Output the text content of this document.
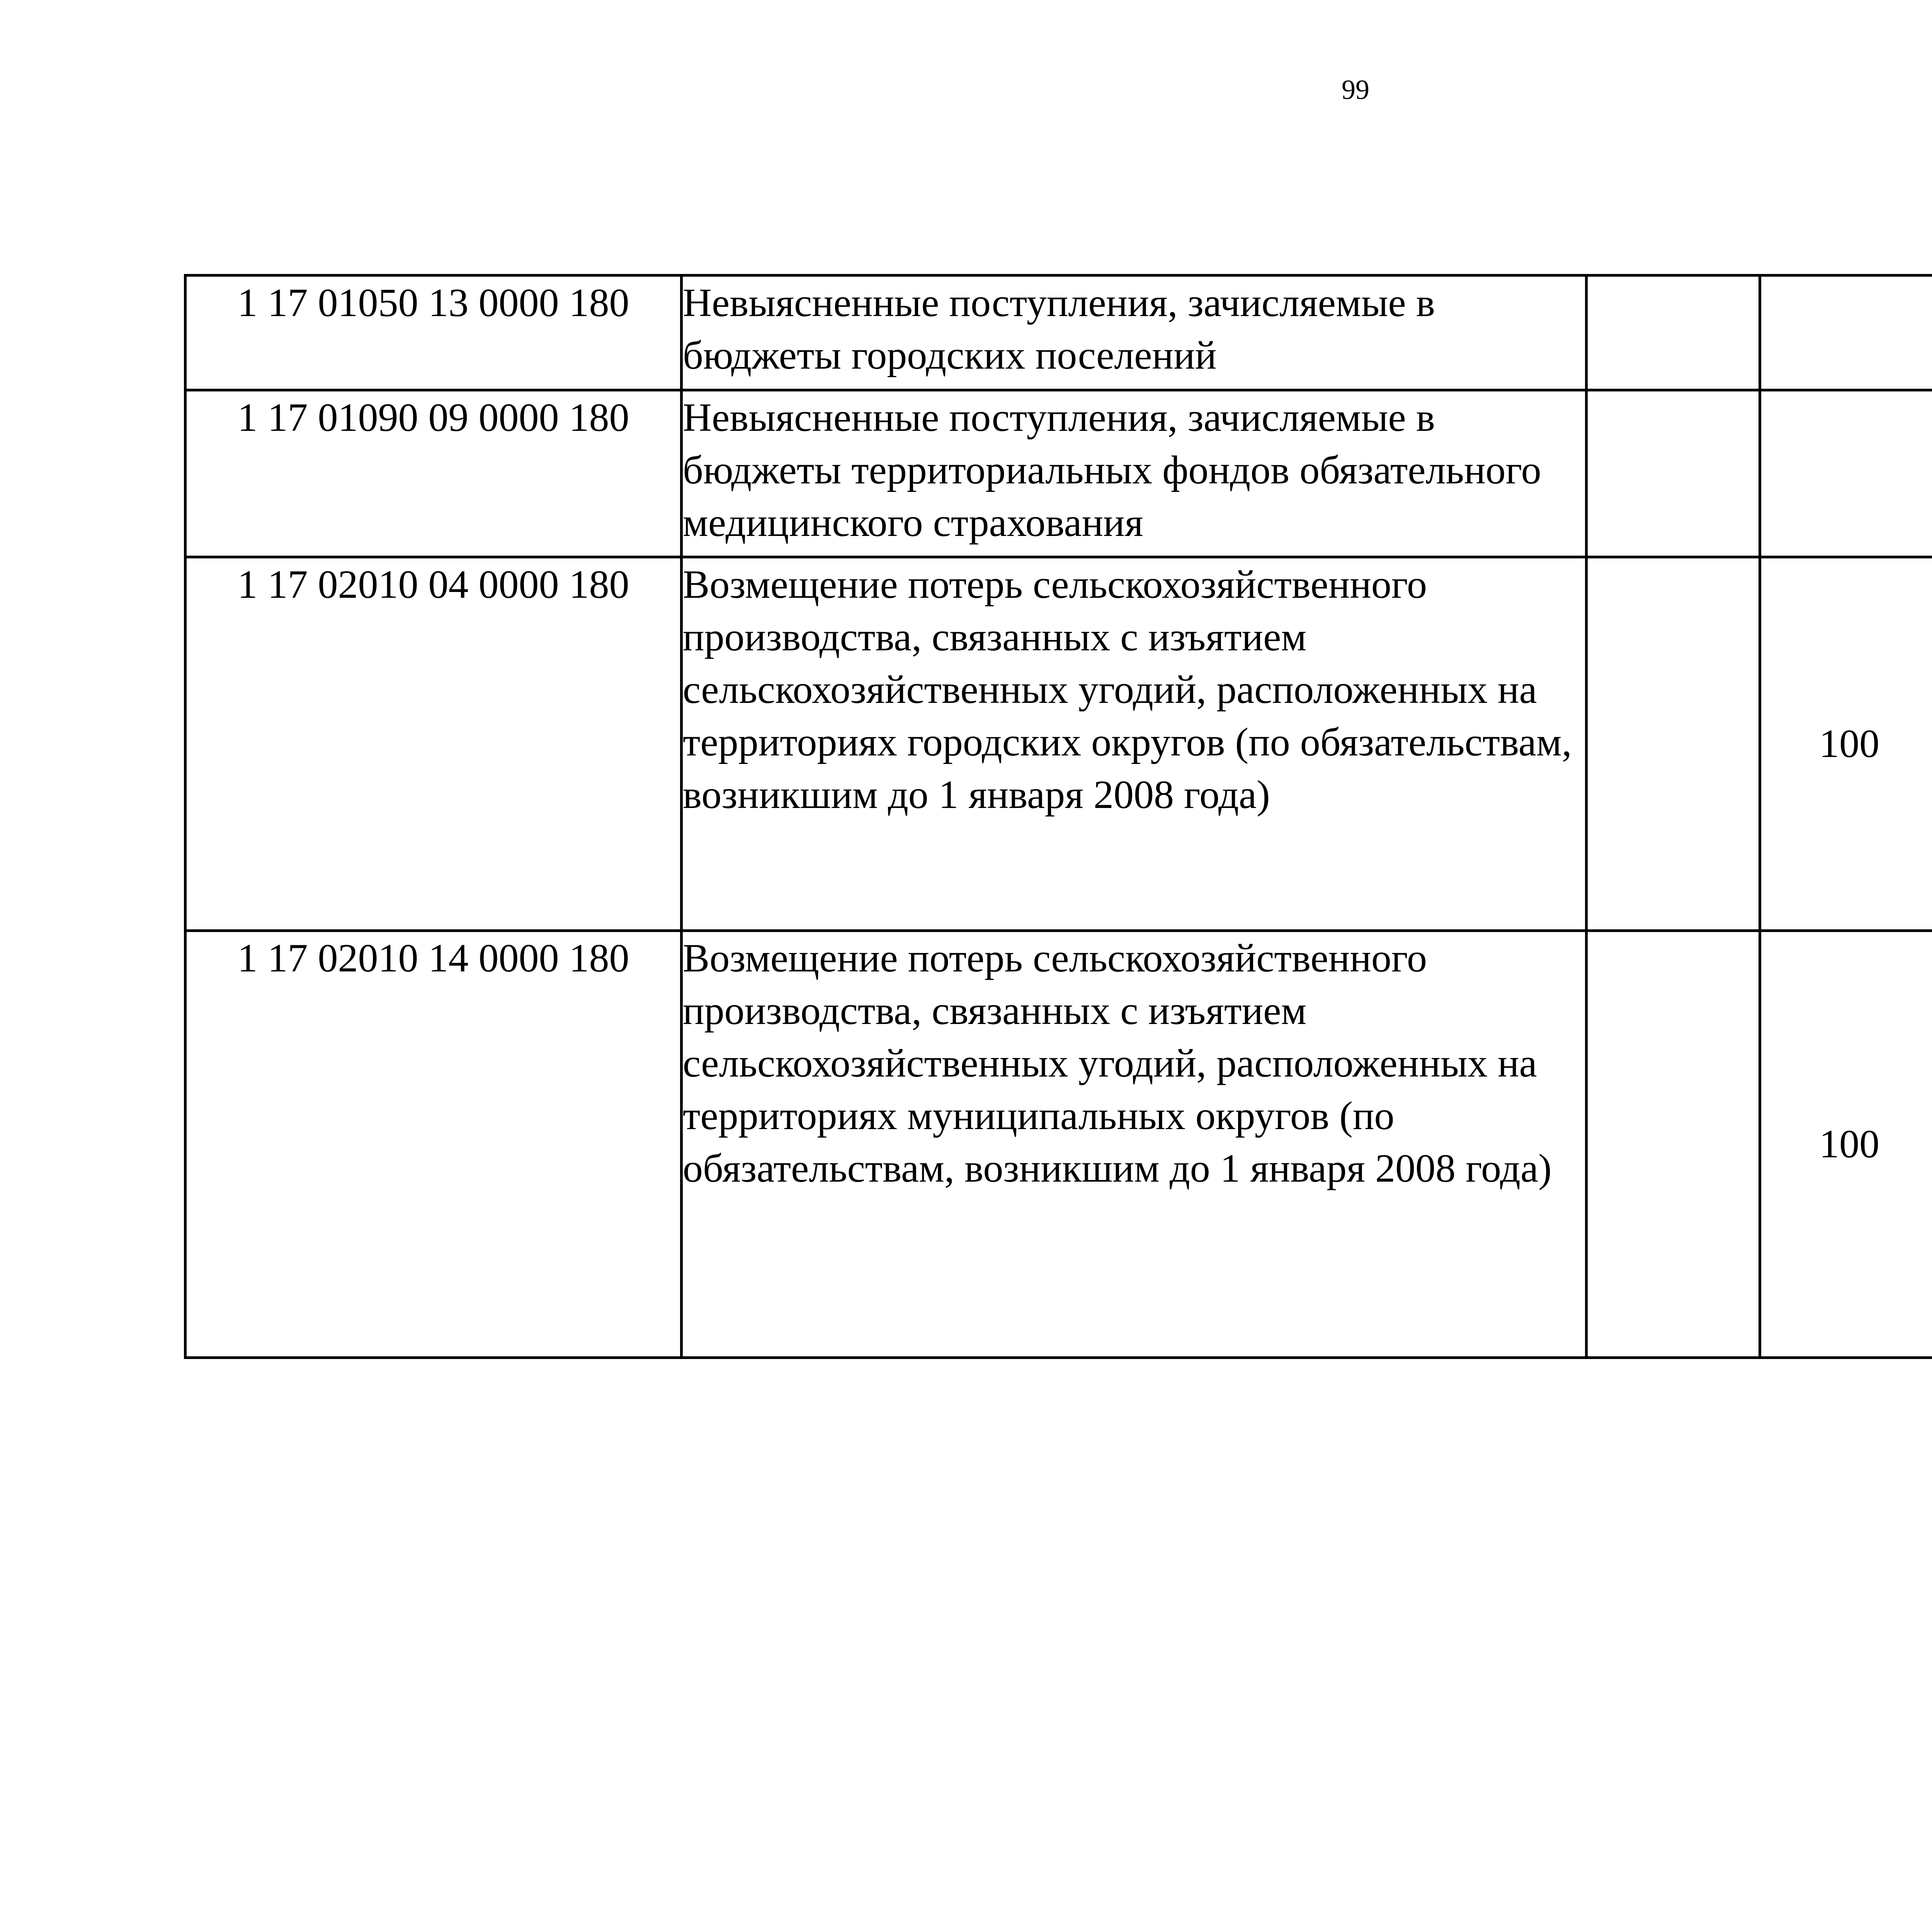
99
1 17 01050 13 0000 180	Невыясненные поступления, зачисляемые в бюджеты городских поселений					
1 17 01090 09 0000 180	Невыясненные поступления, зачисляемые в бюджеты территориальных фондов обязательного медицинского страхования					
1 17 02010 04 0000 180	Возмещение потерь сельскохозяйственного производства, связанных с изъятием сельскохозяйственных угодий, расположенных на территориях городских округов (по обязательствам, возникшим до 1 января 2008 года)		100			
1 17 02010 14 0000 180	Возмещение потерь сельскохозяйственного производства, связанных с изъятием сельскохозяйственных угодий, расположенных на территориях муниципальных округов (по обязательствам, возникшим до 1 января 2008 года)		100			
